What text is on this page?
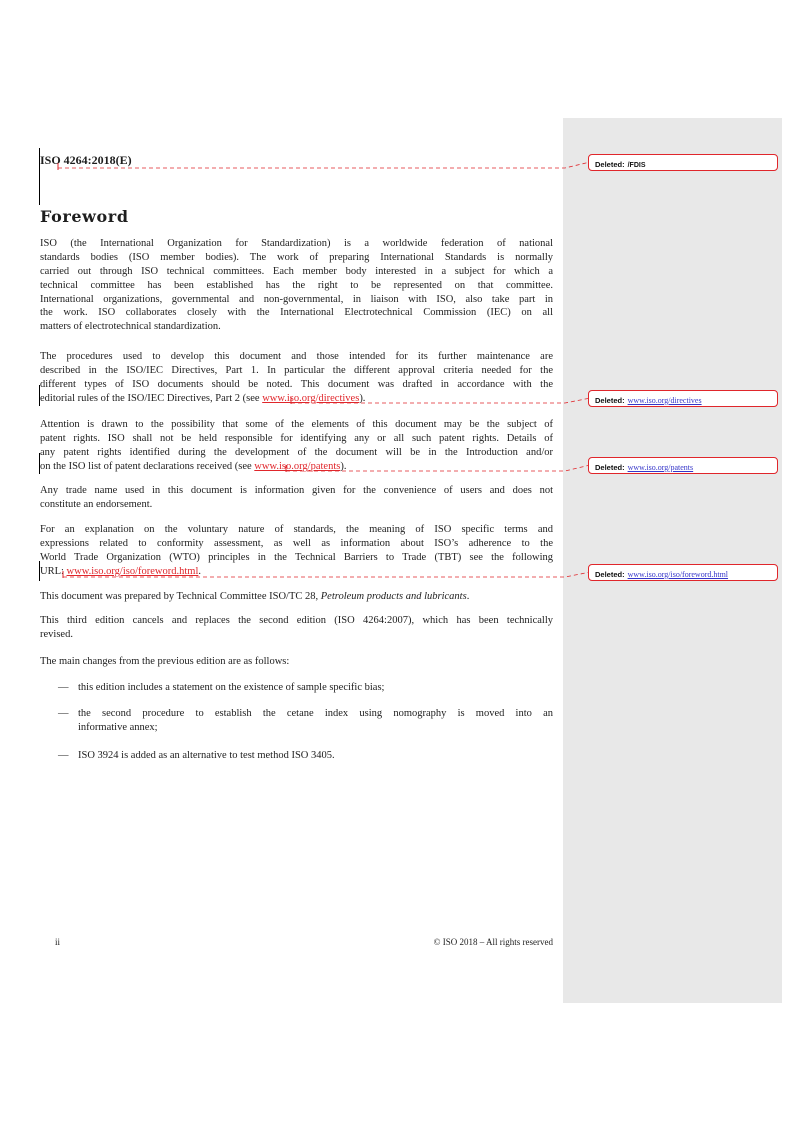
ISO 4264:2018(E)
Foreword
ISO (the International Organization for Standardization) is a worldwide federation of national
standards bodies (ISO member bodies). The work of preparing International Standards is normally
carried out through ISO technical committees. Each member body interested in a subject for which a
technical committee has been established has the right to be represented on that committee.
International organizations, governmental and non-governmental, in liaison with ISO, also take part in
the work. ISO collaborates closely with the International Electrotechnical Commission (IEC) on all
matters of electrotechnical standardization.
The procedures used to develop this document and those intended for its further maintenance are
described in the ISO/IEC Directives, Part 1. In particular the different approval criteria needed for the
different types of ISO documents should be noted. This document was drafted in accordance with the
editorial rules of the ISO/IEC Directives, Part 2 (see www.iso.org/directives).
Attention is drawn to the possibility that some of the elements of this document may be the subject of
patent rights. ISO shall not be held responsible for identifying any or all such patent rights. Details of
any patent rights identified during the development of the document will be in the Introduction and/or
on the ISO list of patent declarations received (see www.iso.org/patents).
Any trade name used in this document is information given for the convenience of users and does not
constitute an endorsement.
For an explanation on the voluntary nature of standards, the meaning of ISO specific terms and
expressions related to conformity assessment, as well as information about ISO’s adherence to the
World Trade Organization (WTO) principles in the Technical Barriers to Trade (TBT) see the following
URL: www.iso.org/iso/foreword.html.
This document was prepared by Technical Committee ISO/TC 28, Petroleum products and lubricants.
This third edition cancels and replaces the second edition (ISO 4264:2007), which has been technically
revised.
The main changes from the previous edition are as follows:
— this edition includes a statement on the existence of sample specific bias;
— the second procedure to establish the cetane index using nomography is moved into an
informative annex;
— ISO 3924 is added as an alternative to test method ISO 3405.
ii	© ISO 2018 – All rights reserved
Deleted: /FDIS
Deleted: www.iso.org/directives
Deleted: www.iso.org/patents
Deleted: www.iso.org/iso/foreword.html
